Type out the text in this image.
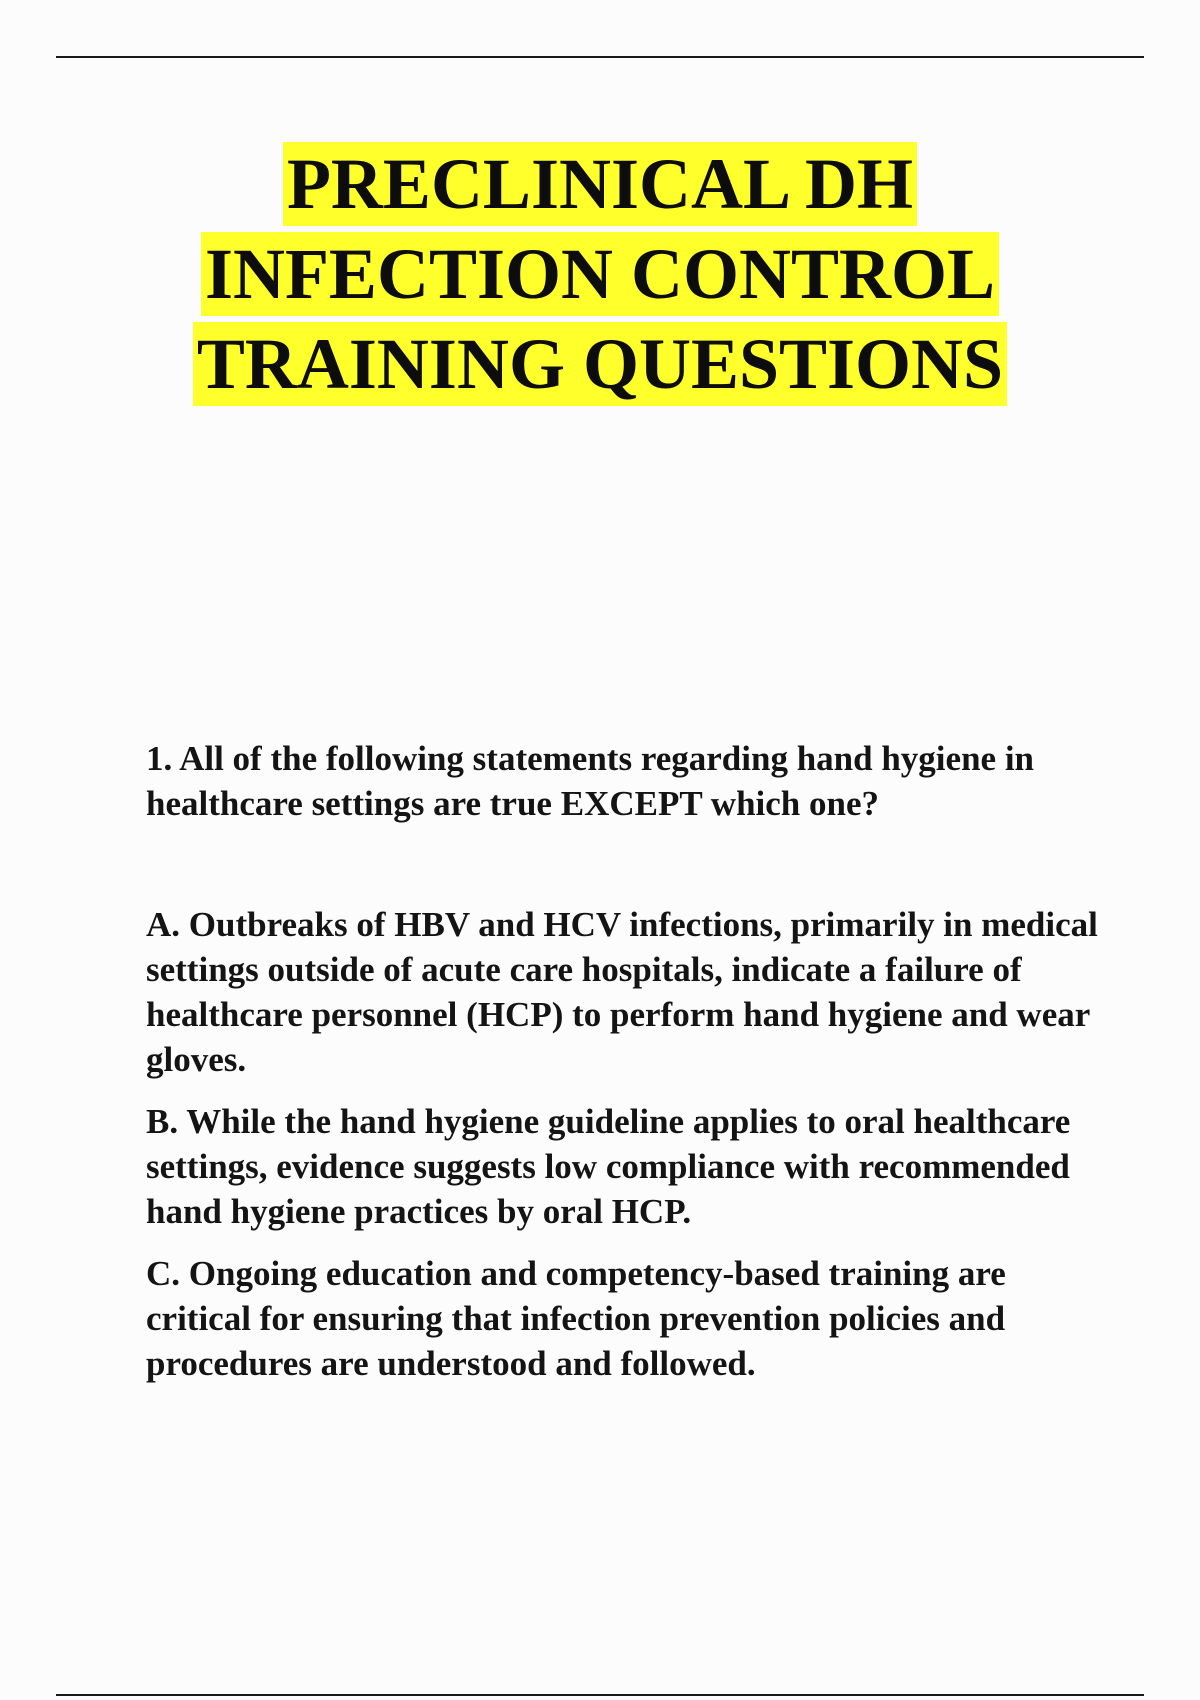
PRECLINICAL DH
INFECTION CONTROL
TRAINING QUESTIONS

1. All of the following statements regarding hand hygiene in healthcare settings are true EXCEPT which one?

A. Outbreaks of HBV and HCV infections, primarily in medical settings outside of acute care hospitals, indicate a failure of healthcare personnel (HCP) to perform hand hygiene and wear gloves.

B. While the hand hygiene guideline applies to oral healthcare settings, evidence suggests low compliance with recommended hand hygiene practices by oral HCP.

C. Ongoing education and competency-based training are critical for ensuring that infection prevention policies and procedures are understood and followed.
